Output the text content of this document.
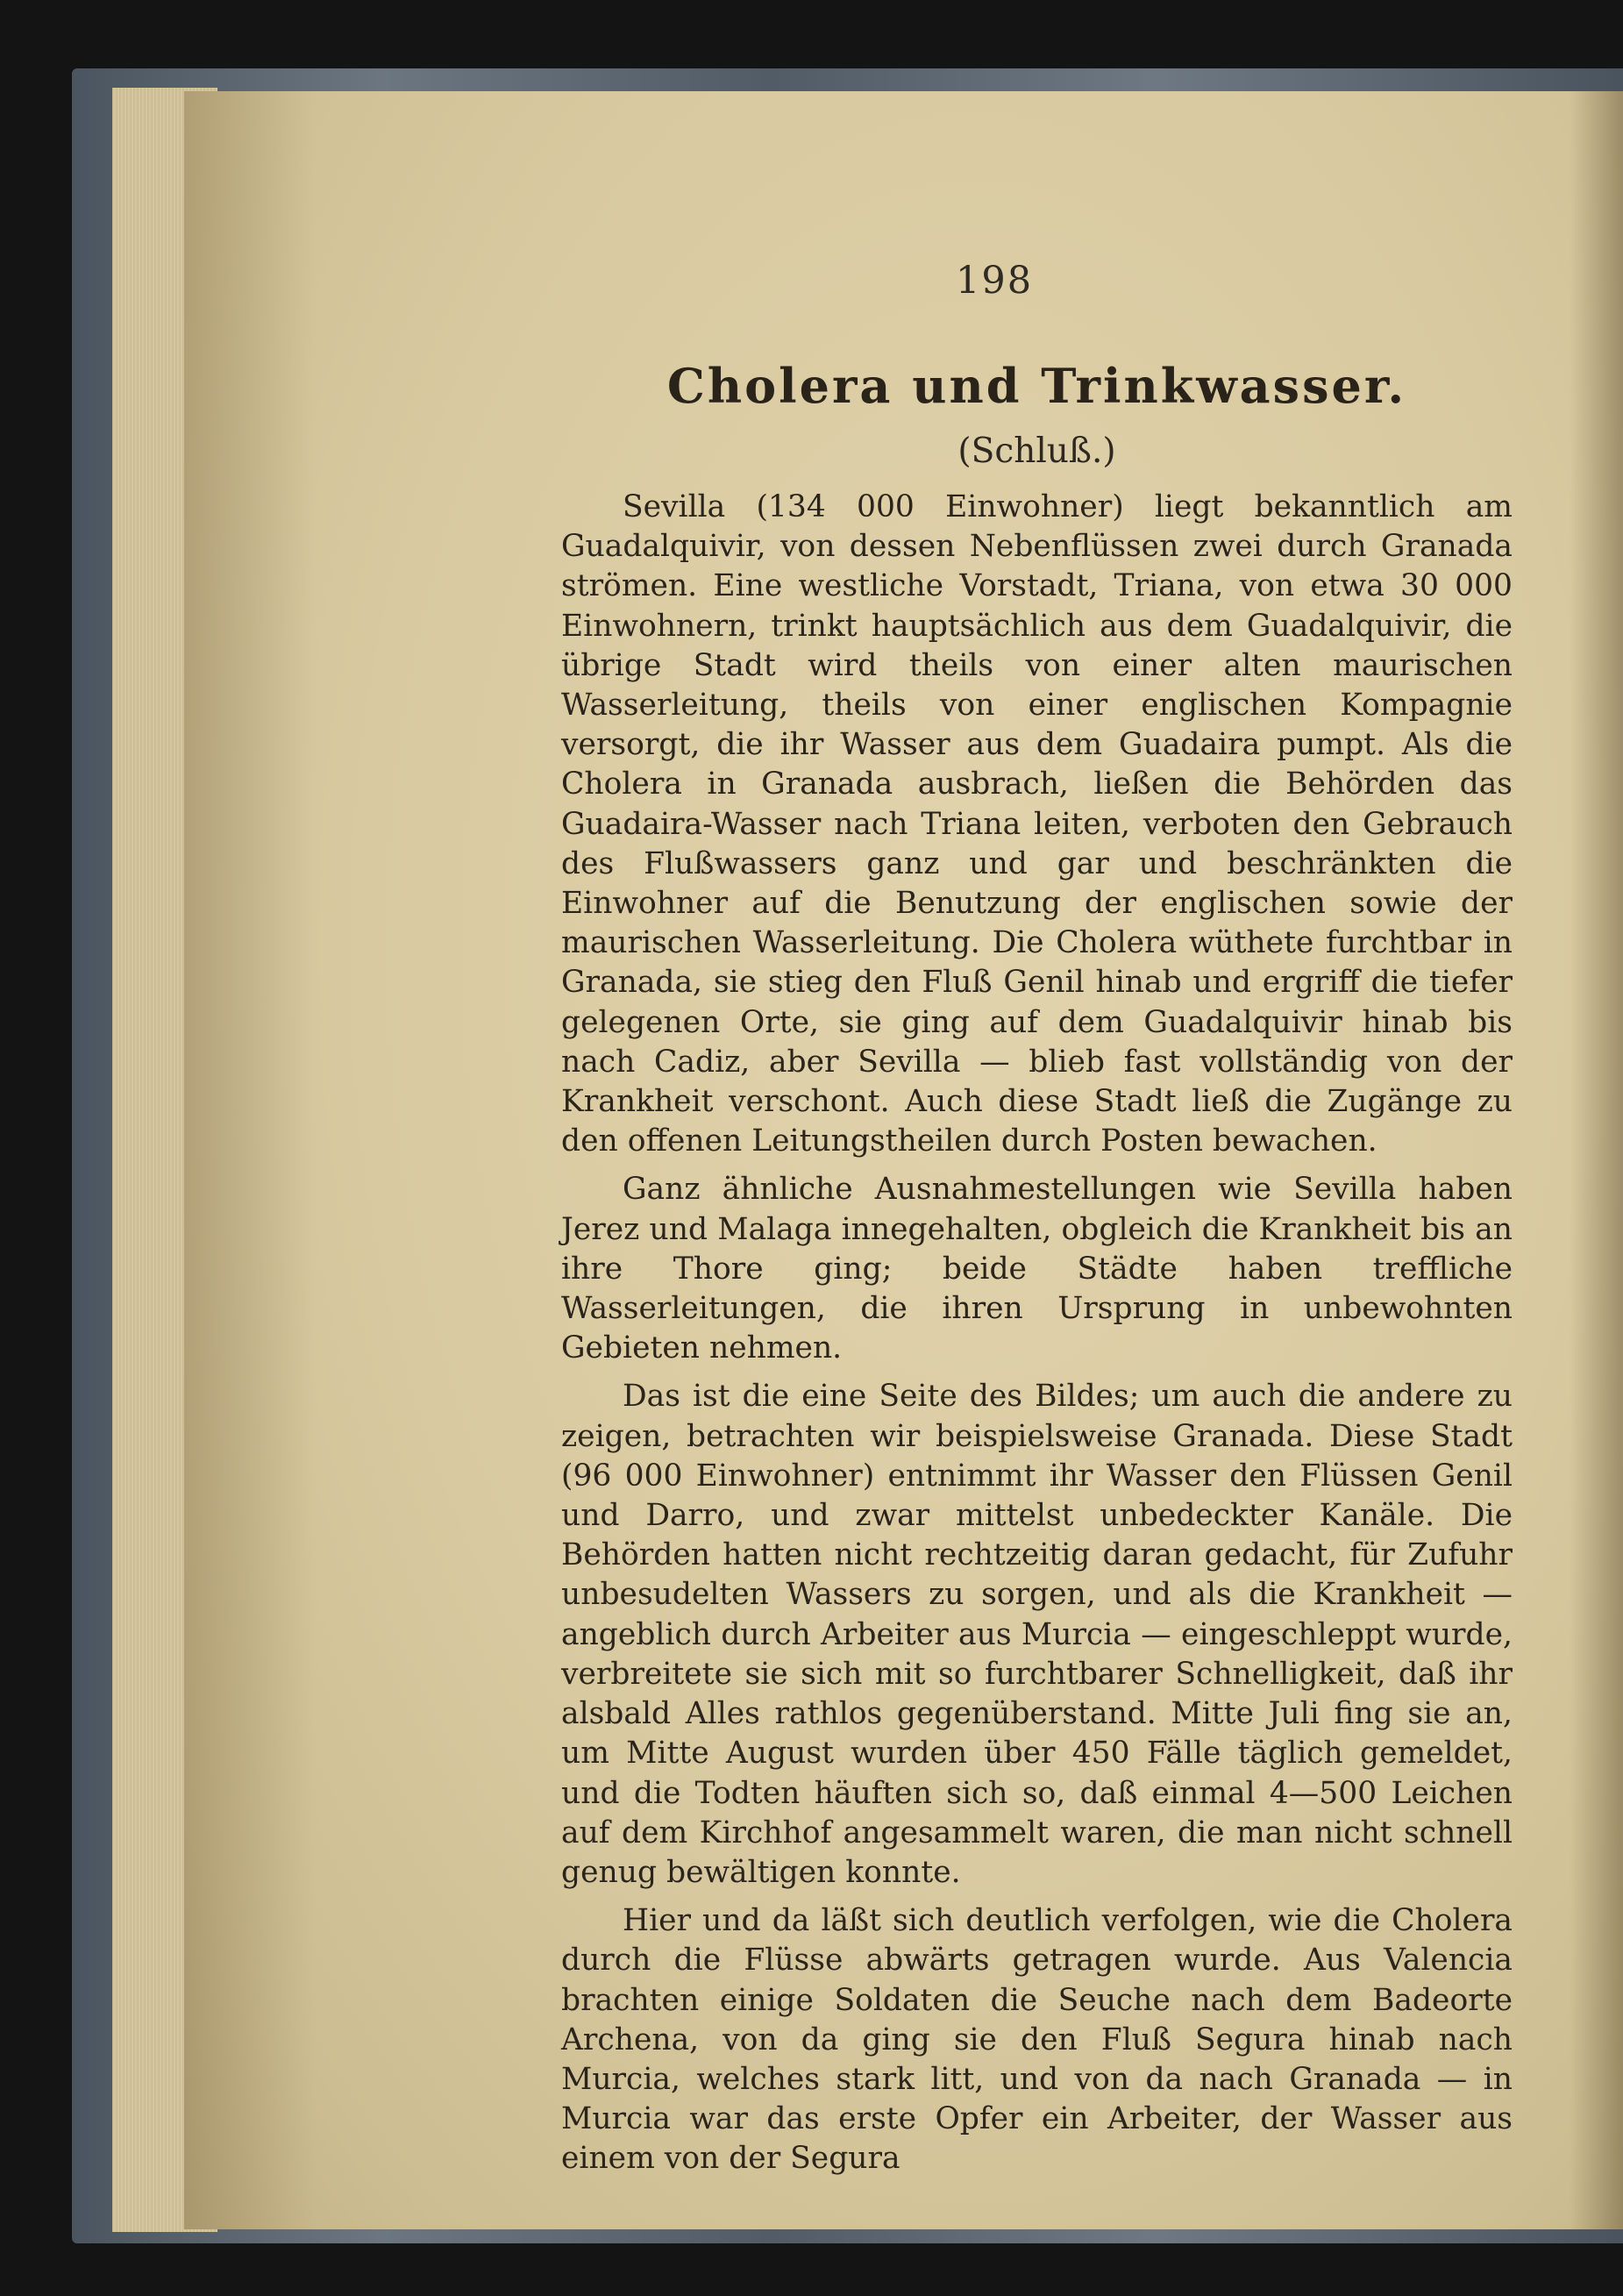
198
Cholera und Trinkwasser.
(Schluß.)

Sevilla (134 000 Einwohner) liegt bekanntlich am Guadalquivir, von dessen Nebenflüssen zwei durch Granada strömen. Eine westliche Vorstadt, Triana, von etwa 30 000 Einwohnern, trinkt hauptsächlich aus dem Guadalquivir, die übrige Stadt wird theils von einer alten maurischen Wasserleitung, theils von einer englischen Kompagnie versorgt, die ihr Wasser aus dem Guadaira pumpt. Als die Cholera in Granada ausbrach, ließen die Behörden das Guadaira-Wasser nach Triana leiten, verboten den Gebrauch des Flußwassers ganz und gar und beschränkten die Einwohner auf die Benutzung der englischen sowie der maurischen Wasserleitung. Die Cholera wüthete furchtbar in Granada, sie stieg den Fluß Genil hinab und ergriff die tiefer gelegenen Orte, sie ging auf dem Guadalquivir hinab bis nach Cadiz, aber Sevilla — blieb fast vollständig von der Krankheit verschont. Auch diese Stadt ließ die Zugänge zu den offenen Leitungstheilen durch Posten bewachen.

Ganz ähnliche Ausnahmestellungen wie Sevilla haben Jerez und Malaga innegehalten, obgleich die Krankheit bis an ihre Thore ging; beide Städte haben treffliche Wasserleitungen, die ihren Ursprung in unbewohnten Gebieten nehmen.

Das ist die eine Seite des Bildes; um auch die andere zu zeigen, betrachten wir beispielsweise Granada. Diese Stadt (96 000 Einwohner) entnimmt ihr Wasser den Flüssen Genil und Darro, und zwar mittelst unbedeckter Kanäle. Die Behörden hatten nicht rechtzeitig daran gedacht, für Zufuhr unbesudelten Wassers zu sorgen, und als die Krankheit — angeblich durch Arbeiter aus Murcia — eingeschleppt wurde, verbreitete sie sich mit so furchtbarer Schnelligkeit, daß ihr alsbald Alles rathlos gegenüberstand. Mitte Juli fing sie an, um Mitte August wurden über 450 Fälle täglich gemeldet, und die Todten häuften sich so, daß einmal 4—500 Leichen auf dem Kirchhof angesammelt waren, die man nicht schnell genug bewältigen konnte.

Hier und da läßt sich deutlich verfolgen, wie die Cholera durch die Flüsse abwärts getragen wurde. Aus Valencia brachten einige Soldaten die Seuche nach dem Badeorte Archena, von da ging sie den Fluß Segura hinab nach Murcia, welches stark litt, und von da nach Granada — in Murcia war das erste Opfer ein Arbeiter, der Wasser aus einem von der Segura
